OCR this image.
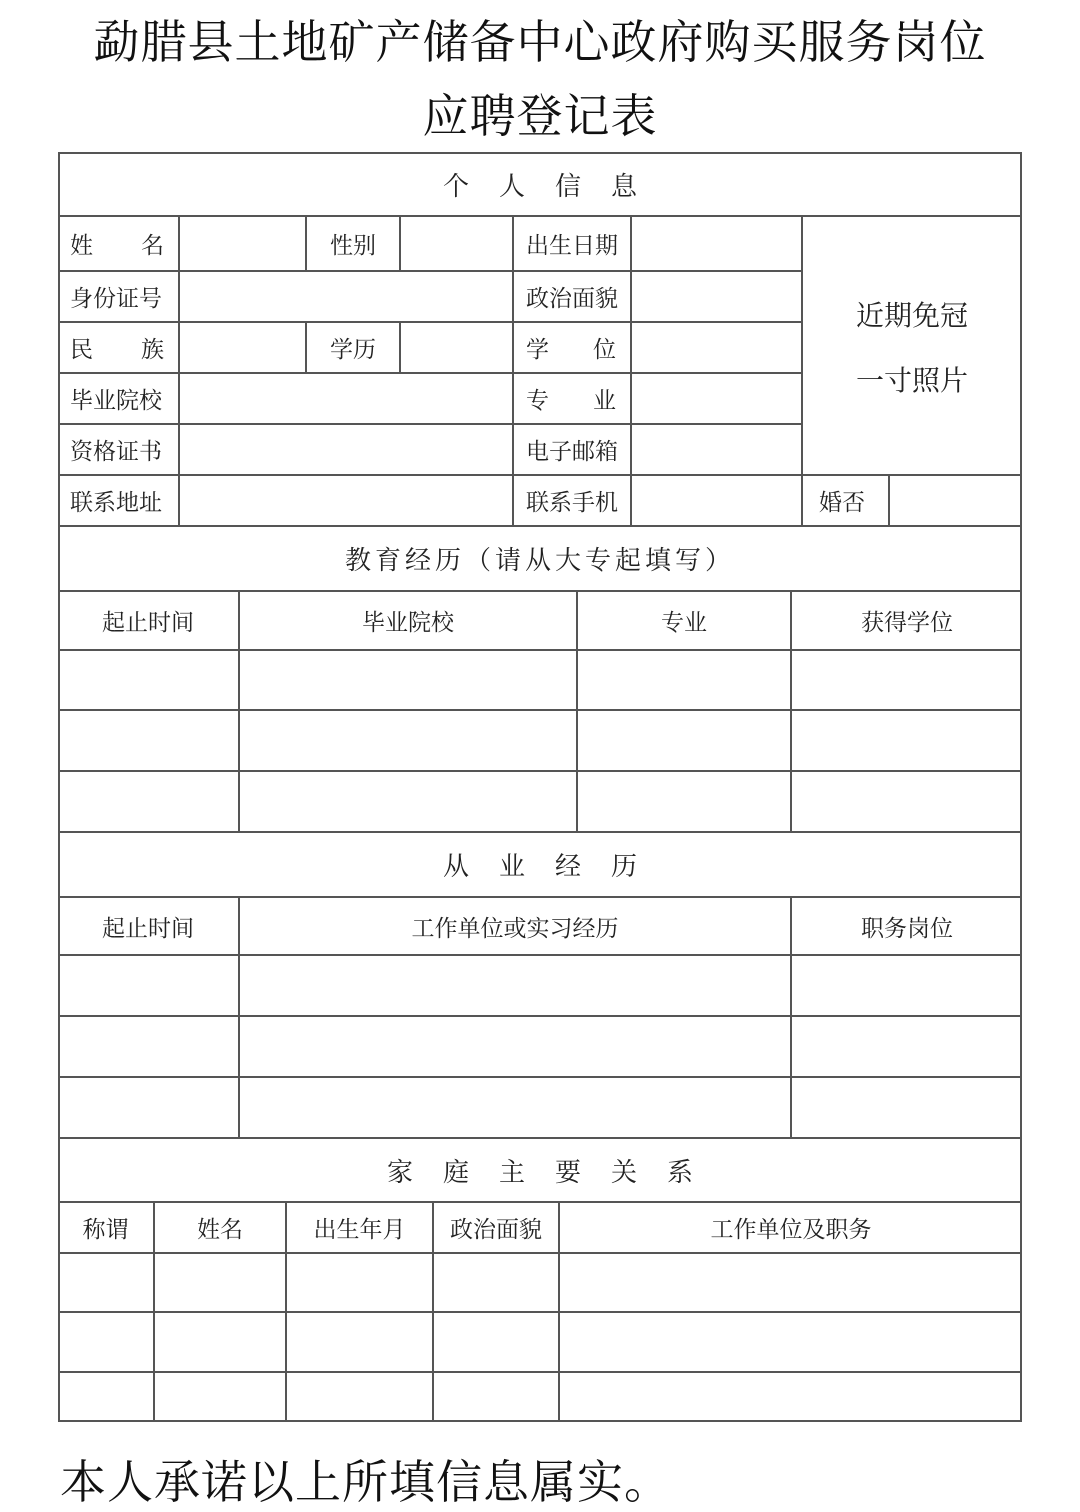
勐腊县土地矿产储备中心政府购买服务岗位
应聘登记表
个人信息
姓 名	性别	出生日期
近期免冠
一寸照片
身份证号	政治面貌
民 族	学历	学 位
毕业院校	专 业
资格证书	电子邮箱
联系地址	联系手机	婚否
教育经历（请从大专起填写）
起止时间	毕业院校	专业	获得学位
从业经历
起止时间	工作单位或实习经历	职务岗位
家庭主要关系
称谓	姓名	出生年月	政治面貌	工作单位及职务
本人承诺以上所填信息属实。
